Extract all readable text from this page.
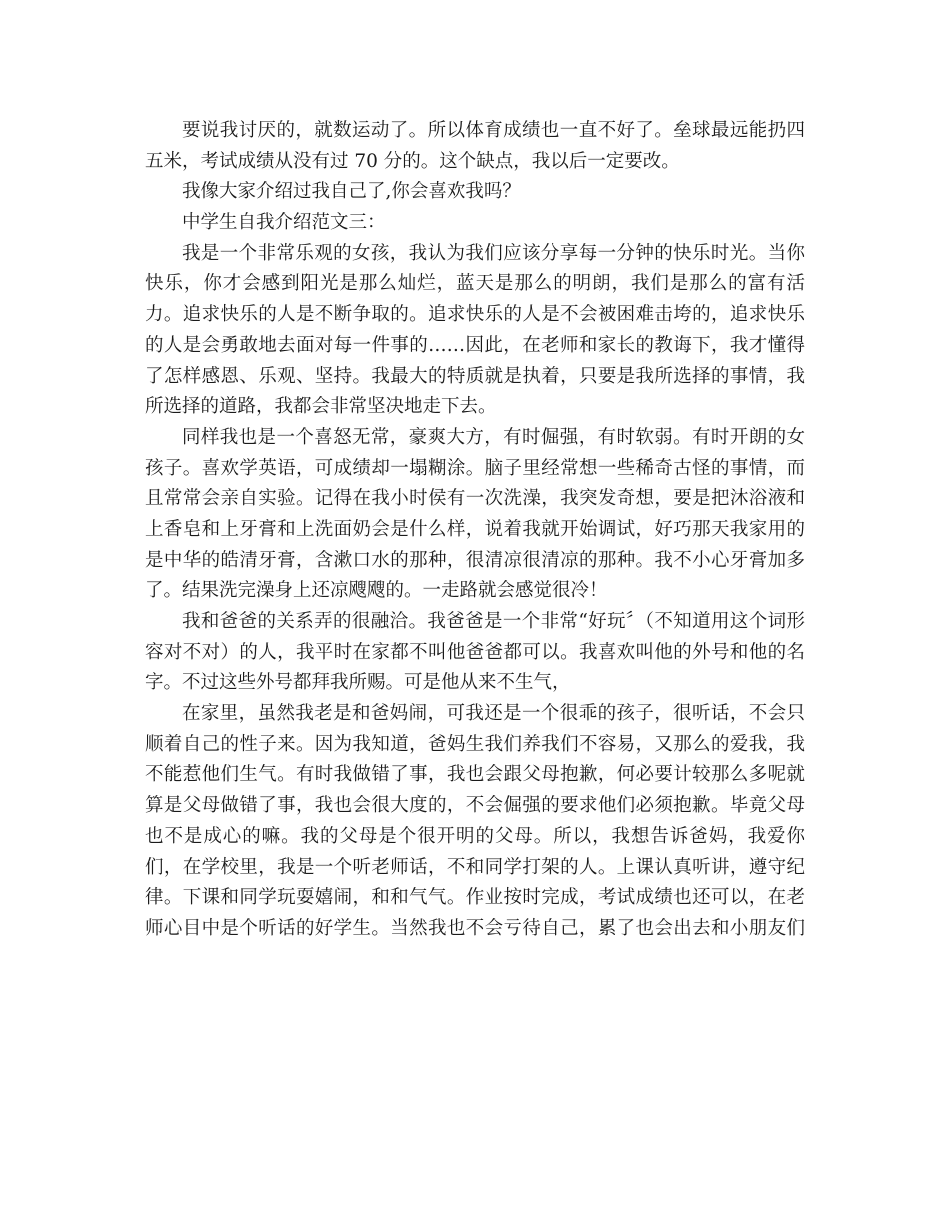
要说我讨厌的，就数运动了。所以体育成绩也一直不好了。垒球最远能扔四
五米，考试成绩从没有过 70 分的。这个缺点，我以后一定要改。
我像大家介绍过我自己了,你会喜欢我吗？
中学生自我介绍范文三：
我是一个非常乐观的女孩，我认为我们应该分享每一分钟的快乐时光。当你
快乐，你才会感到阳光是那么灿烂，蓝天是那么的明朗，我们是那么的富有活
力。追求快乐的人是不断争取的。追求快乐的人是不会被困难击垮的，追求快乐
的人是会勇敢地去面对每一件事的……因此，在老师和家长的教诲下，我才懂得
了怎样感恩、乐观、坚持。我最大的特质就是执着，只要是我所选择的事情，我
所选择的道路，我都会非常坚决地走下去。
同样我也是一个喜怒无常，豪爽大方，有时倔强，有时软弱。有时开朗的女
孩子。喜欢学英语，可成绩却一塌糊涂。脑子里经常想一些稀奇古怪的事情，而
且常常会亲自实验。记得在我小时侯有一次洗澡，我突发奇想，要是把沐浴液和
上香皂和上牙膏和上洗面奶会是什么样，说着我就开始调试，好巧那天我家用的
是中华的皓清牙膏，含漱口水的那种，很清凉很清凉的那种。我不小心牙膏加多
了。结果洗完澡身上还凉飕飕的。一走路就会感觉很冷！
我和爸爸的关系弄的很融洽。我爸爸是一个非常“好玩〞（不知道用这个词形
容对不对）的人，我平时在家都不叫他爸爸都可以。我喜欢叫他的外号和他的名
字。不过这些外号都拜我所赐。可是他从来不生气，
在家里，虽然我老是和爸妈闹，可我还是一个很乖的孩子，很听话，不会只
顺着自己的性子来。因为我知道，爸妈生我们养我们不容易，又那么的爱我，我
不能惹他们生气。有时我做错了事，我也会跟父母抱歉，何必要计较那么多呢就
算是父母做错了事，我也会很大度的，不会倔强的要求他们必须抱歉。毕竟父母
也不是成心的嘛。我的父母是个很开明的父母。所以，我想告诉爸妈，我爱你
们，在学校里，我是一个听老师话，不和同学打架的人。上课认真听讲，遵守纪
律。下课和同学玩耍嬉闹，和和气气。作业按时完成，考试成绩也还可以，在老
师心目中是个听话的好学生。当然我也不会亏待自己，累了也会出去和小朋友们
